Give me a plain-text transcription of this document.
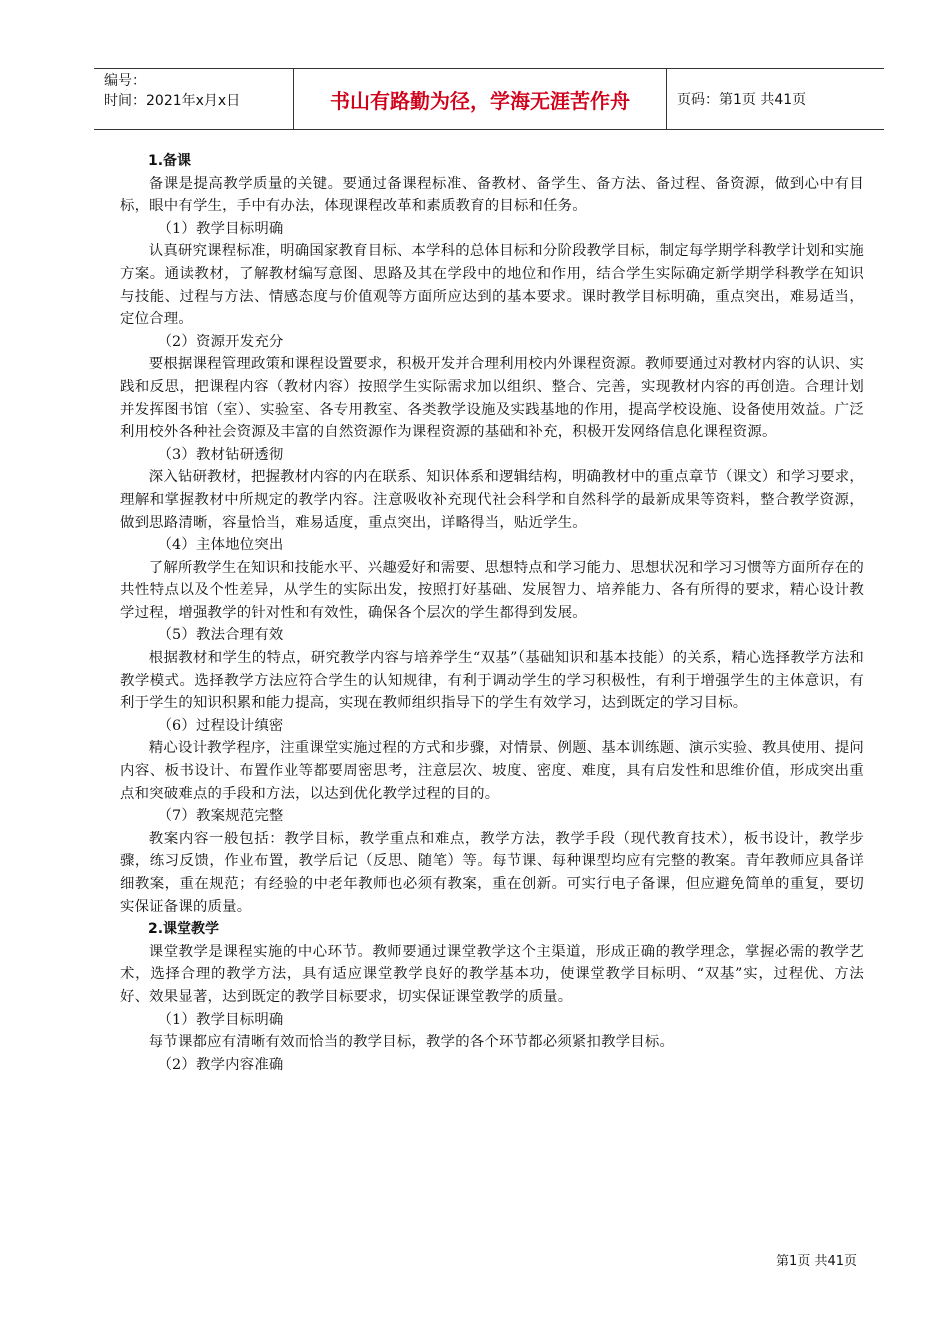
编号：
时间：2021年x月x日	书山有路勤为径，学海无涯苦作舟	页码：第1页 共41页
1.备课

备课是提高教学质量的关键。要通过备课程标准、备教材、备学生、备方法、备过程、备资源，做到心中有目标，眼中有学生，手中有办法，体现课程改革和素质教育的目标和任务。

（1）教学目标明确

认真研究课程标准，明确国家教育目标、本学科的总体目标和分阶段教学目标，制定每学期学科教学计划和实施方案。通读教材，了解教材编写意图、思路及其在学段中的地位和作用，结合学生实际确定新学期学科教学在知识与技能、过程与方法、情感态度与价值观等方面所应达到的基本要求。课时教学目标明确，重点突出，难易适当，定位合理。

（2）资源开发充分

要根据课程管理政策和课程设置要求，积极开发并合理利用校内外课程资源。教师要通过对教材内容的认识、实践和反思，把课程内容（教材内容）按照学生实际需求加以组织、整合、完善，实现教材内容的再创造。合理计划并发挥图书馆（室）、实验室、各专用教室、各类教学设施及实践基地的作用，提高学校设施、设备使用效益。广泛利用校外各种社会资源及丰富的自然资源作为课程资源的基础和补充，积极开发网络信息化课程资源。

（3）教材钻研透彻

深入钻研教材，把握教材内容的内在联系、知识体系和逻辑结构，明确教材中的重点章节（课文）和学习要求，理解和掌握教材中所规定的教学内容。注意吸收补充现代社会科学和自然科学的最新成果等资料，整合教学资源，做到思路清晰，容量恰当，难易适度，重点突出，详略得当，贴近学生。

（4）主体地位突出

了解所教学生在知识和技能水平、兴趣爱好和需要、思想特点和学习能力、思想状况和学习习惯等方面所存在的共性特点以及个性差异，从学生的实际出发，按照打好基础、发展智力、培养能力、各有所得的要求，精心设计教学过程，增强教学的针对性和有效性，确保各个层次的学生都得到发展。

（5）教法合理有效

根据教材和学生的特点，研究教学内容与培养学生“双基”（基础知识和基本技能）的关系，精心选择教学方法和教学模式。选择教学方法应符合学生的认知规律，有利于调动学生的学习积极性，有利于增强学生的主体意识，有利于学生的知识积累和能力提高，实现在教师组织指导下的学生有效学习，达到既定的学习目标。

（6）过程设计缜密

精心设计教学程序，注重课堂实施过程的方式和步骤，对情景、例题、基本训练题、演示实验、教具使用、提问内容、板书设计、布置作业等都要周密思考，注意层次、坡度、密度、难度，具有启发性和思维价值，形成突出重点和突破难点的手段和方法，以达到优化教学过程的目的。

（7）教案规范完整

教案内容一般包括：教学目标，教学重点和难点，教学方法，教学手段（现代教育技术），板书设计，教学步骤，练习反馈，作业布置，教学后记（反思、随笔）等。每节课、每种课型均应有完整的教案。青年教师应具备详细教案，重在规范；有经验的中老年教师也必须有教案，重在创新。可实行电子备课，但应避免简单的重复，要切实保证备课的质量。

2.课堂教学

课堂教学是课程实施的中心环节。教师要通过课堂教学这个主渠道，形成正确的教学理念，掌握必需的教学艺术，选择合理的教学方法，具有适应课堂教学良好的教学基本功，使课堂教学目标明、“双基”实，过程优、方法好、效果显著，达到既定的教学目标要求，切实保证课堂教学的质量。

（1）教学目标明确

每节课都应有清晰有效而恰当的教学目标，教学的各个环节都必须紧扣教学目标。

（2）教学内容准确

第1页 共41页
